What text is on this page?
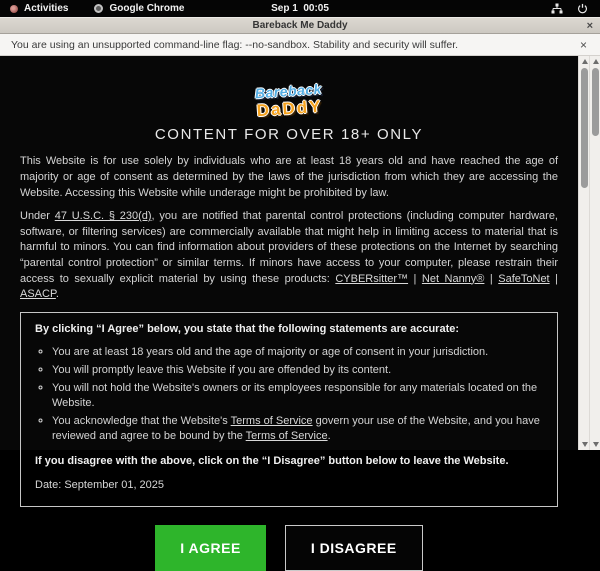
Activities	Google Chrome	Sep 1  00:05
Bareback Me Daddy	×
You are using an unsupported command-line flag: --no-sandbox. Stability and security will suffer.	×
Bareback
DaDdY
CONTENT FOR OVER 18+ ONLY

This Website is for use solely by individuals who are at least 18 years old and have reached the age of majority or age of consent as determined by the laws of the jurisdiction from which they are accessing the Website. Accessing this Website while underage might be prohibited by law.

Under 47 U.S.C. § 230(d), you are notified that parental control protections (including computer hardware, software, or filtering services) are commercially available that might help in limiting access to material that is harmful to minors. You can find information about providers of these protections on the Internet by searching “parental control protection” or similar terms. If minors have access to your computer, please restrain their access to sexually explicit material by using these products: CYBERsitter™ | Net Nanny® | SafeToNet | ASACP.

By clicking “I Agree” below, you state that the following statements are accurate:
◦ You are at least 18 years old and the age of majority or age of consent in your jurisdiction.
◦ You will promptly leave this Website if you are offended by its content.
◦ You will not hold the Website's owners or its employees responsible for any materials located on the Website.
◦ You acknowledge that the Website's Terms of Service govern your use of the Website, and you have reviewed and agree to be bound by the Terms of Service.
If you disagree with the above, click on the “I Disagree” button below to leave the Website.
Date: September 01, 2025
I AGREE	I DISAGREE
